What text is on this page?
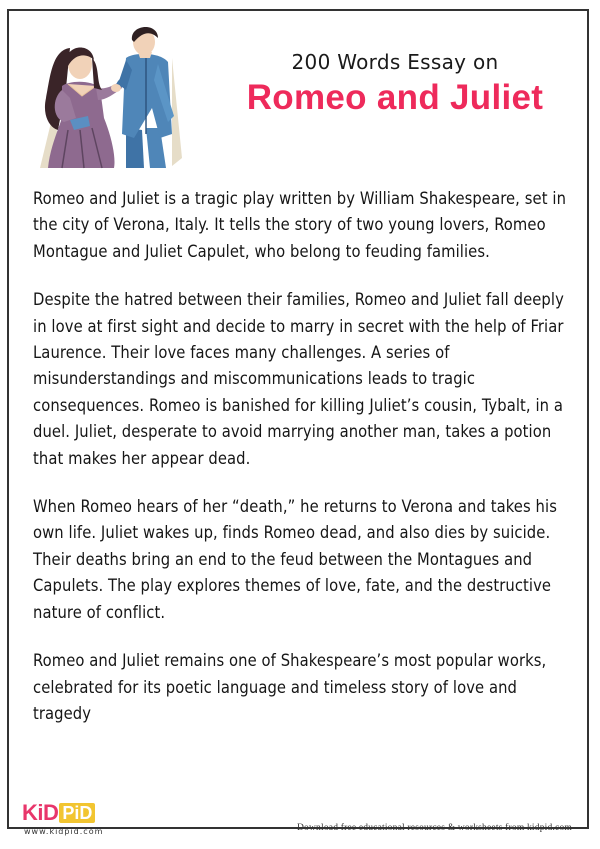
200 Words Essay on
Romeo and Juliet

Romeo and Juliet is a tragic play written by William Shakespeare, set in the city of Verona, Italy. It tells the story of two young lovers, Romeo Montague and Juliet Capulet, who belong to feuding families.

Despite the hatred between their families, Romeo and Juliet fall deeply in love at first sight and decide to marry in secret with the help of Friar Laurence. Their love faces many challenges. A series of misunderstandings and miscommunications leads to tragic consequences. Romeo is banished for killing Juliet’s cousin, Tybalt, in a duel. Juliet, desperate to avoid marrying another man, takes a potion that makes her appear dead.

When Romeo hears of her “death,” he returns to Verona and takes his own life. Juliet wakes up, finds Romeo dead, and also dies by suicide. Their deaths bring an end to the feud between the Montagues and Capulets. The play explores themes of love, fate, and the destructive nature of conflict.

Romeo and Juliet remains one of Shakespeare’s most popular works, celebrated for its poetic language and timeless story of love and tragedy

KiD PiD
www.kidpid.com	Download free educational resources & worksheets from kidpid.com
